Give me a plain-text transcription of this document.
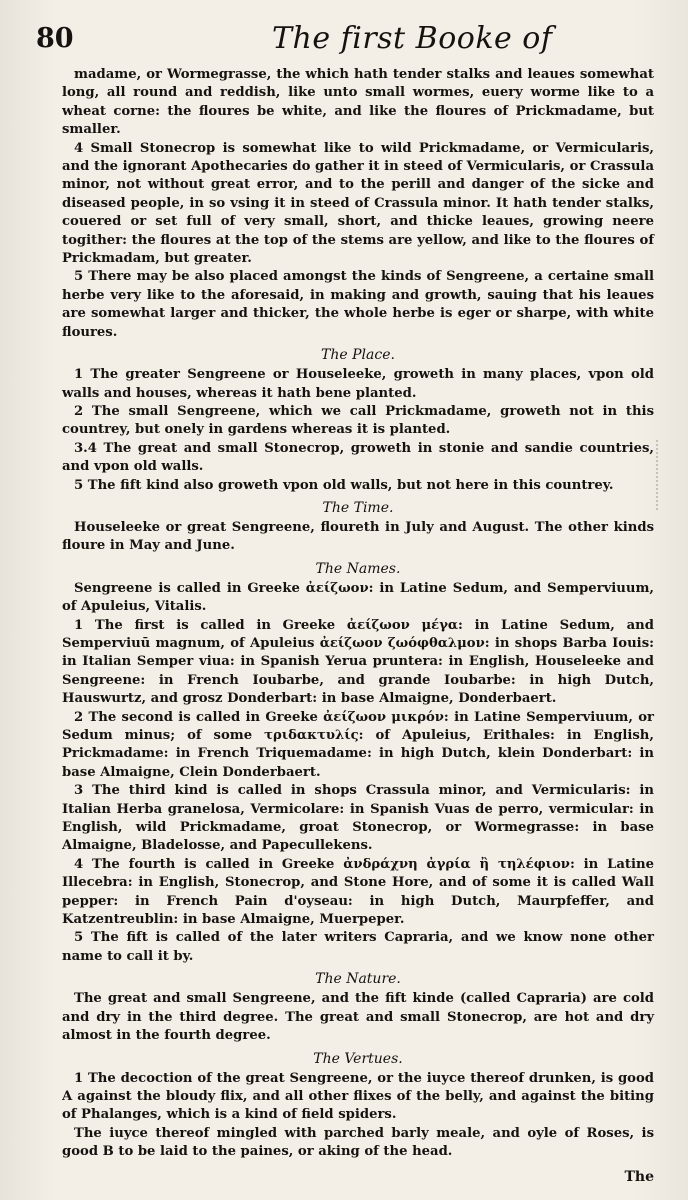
80	The first Booke of

madame, or Wormegrasse, the which hath tender stalks and leaues somewhat long, all round and reddish, like unto small wormes, euery worme like to a wheat corne: the floures be white, and like the floures of Prickmadame, but smaller.

4 Small Stonecrop is somewhat like to wild Prickmadame, or Vermicularis, and the ignorant Apothecaries do gather it in steed of Vermicularis, or Crassula minor, not without great error, and to the perill and danger of the sicke and diseased people, in so vsing it in steed of Crassula minor. It hath tender stalks, couered or set full of very small, short, and thicke leaues, growing neere togither: the floures at the top of the stems are yellow, and like to the floures of Prickmadam, but greater.

5 There may be also placed amongst the kinds of Sengreene, a certaine small herbe very like to the aforesaid, in making and growth, sauing that his leaues are somewhat larger and thicker, the whole herbe is eger or sharpe, with white floures.

The Place.

1 The greater Sengreene or Houseleeke, groweth in many places, vpon old walls and houses, whereas it hath bene planted.

2 The small Sengreene, which we call Prickmadame, groweth not in this countrey, but onely in gardens whereas it is planted.

3.4 The great and small Stonecrop, groweth in stonie and sandie countries, and vpon old walls.

5 The fift kind also groweth vpon old walls, but not here in this countrey.

The Time.

Houseleeke or great Sengreene, floureth in July and August. The other kinds floure in May and June.

The Names.

Sengreene is called in Greeke ἀείζωον: in Latine Sedum, and Semperviuum, of Apuleius, Vitalis.

1 The first is called in Greeke ἀείζωον μέγα: in Latine Sedum, and Semperviuū magnum, of Apuleius ἀείζωον ζωόφθαλμον: in shops Barba Iouis: in Italian Semper viua: in Spanish Yerua pruntera: in English, Houseleeke and Sengreene: in French Ioubarbe, and grande Ioubarbe: in high Dutch, Hauswurtz, and grosz Donderbart: in base Almaigne, Donderbaert.

2 The second is called in Greeke ἀείζωον μικρόν: in Latine Semperviuum, or Sedum minus; of some τριδακτυλίς: of Apuleius, Erithales: in English, Prickmadame: in French Triquemadame: in high Dutch, klein Donderbart: in base Almaigne, Clein Donderbaert.

3 The third kind is called in shops Crassula minor, and Vermicularis: in Italian Herba granelosa, Vermicolare: in Spanish Vuas de perro, vermicular: in English, wild Prickmadame, groat Stonecrop, or Wormegrasse: in base Almaigne, Bladelosse, and Papecullekens.

4 The fourth is called in Greeke ἀνδράχνη ἀγρία ἢ τηλέφιον: in Latine Illecebra: in English, Stonecrop, and Stone Hore, and of some it is called Wall pepper: in French Pain d'oyseau: in high Dutch, Maurpfeffer, and Katzentreublin: in base Almaigne, Muerpeper.

5 The fift is called of the later writers Capraria, and we know none other name to call it by.

The Nature.

The great and small Sengreene, and the fift kinde (called Capraria) are cold and dry in the third degree. The great and small Stonecrop, are hot and dry almost in the fourth degree.

The Vertues.

1 The decoction of the great Sengreene, or the iuyce thereof drunken, is good A against the bloudy flix, and all other flixes of the belly, and against the biting of Phalanges, which is a kind of field spiders.

The iuyce thereof mingled with parched barly meale, and oyle of Roses, is good B to be laid to the paines, or aking of the head.

The
